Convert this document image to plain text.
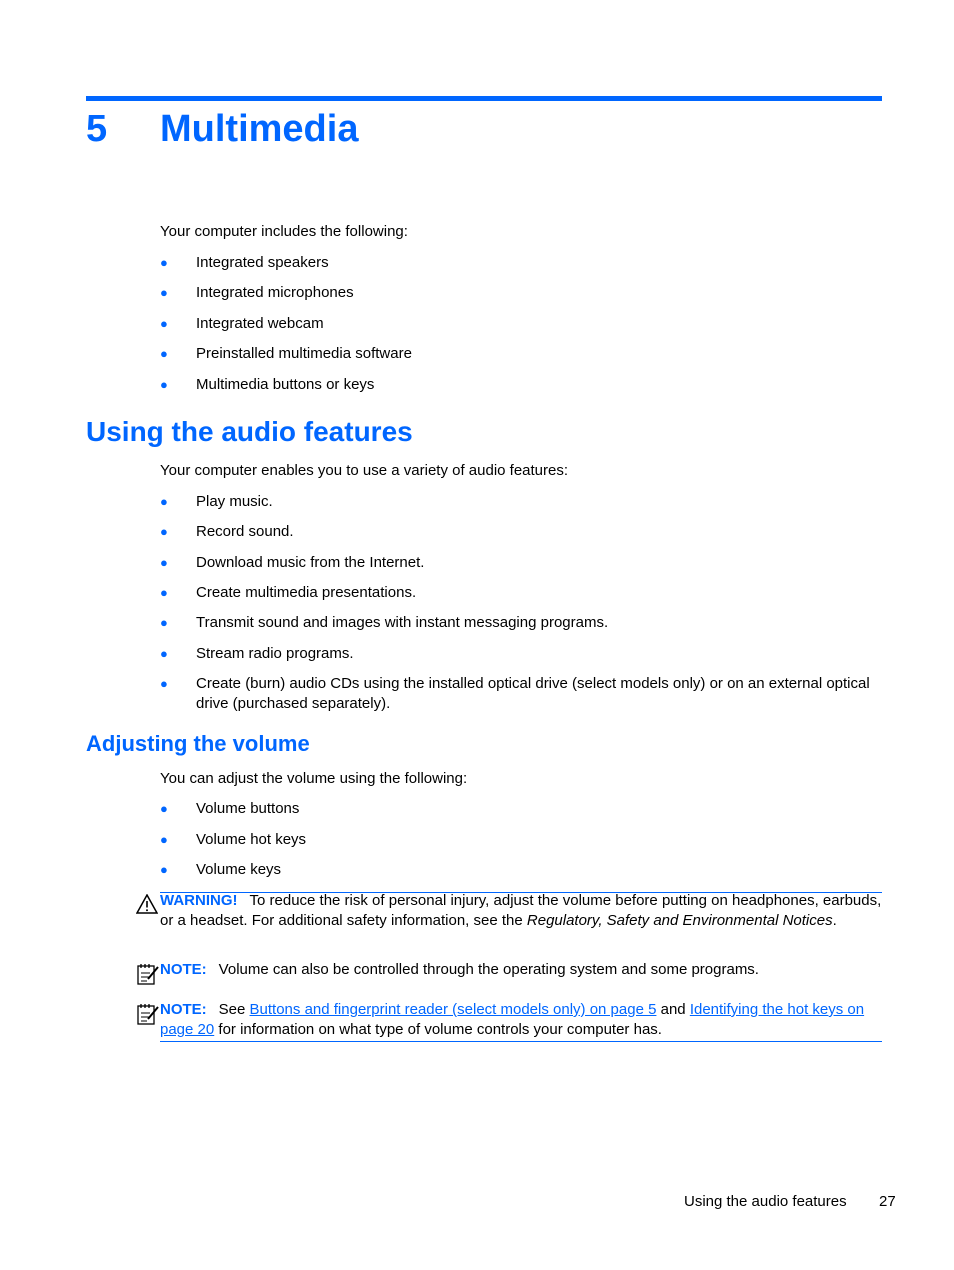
5 Multimedia
Your computer includes the following:
● Integrated speakers
● Integrated microphones
● Integrated webcam
● Preinstalled multimedia software
● Multimedia buttons or keys
Using the audio features
Your computer enables you to use a variety of audio features:
● Play music.
● Record sound.
● Download music from the Internet.
● Create multimedia presentations.
● Transmit sound and images with instant messaging programs.
● Stream radio programs.
● Create (burn) audio CDs using the installed optical drive (select models only) or on an external optical drive (purchased separately).
Adjusting the volume
You can adjust the volume using the following:
● Volume buttons
● Volume hot keys
● Volume keys
WARNING! To reduce the risk of personal injury, adjust the volume before putting on headphones, earbuds, or a headset. For additional safety information, see the Regulatory, Safety and Environmental Notices.
NOTE: Volume can also be controlled through the operating system and some programs.
NOTE: See Buttons and fingerprint reader (select models only) on page 5 and Identifying the hot keys on page 20 for information on what type of volume controls your computer has.
Using the audio features 27
